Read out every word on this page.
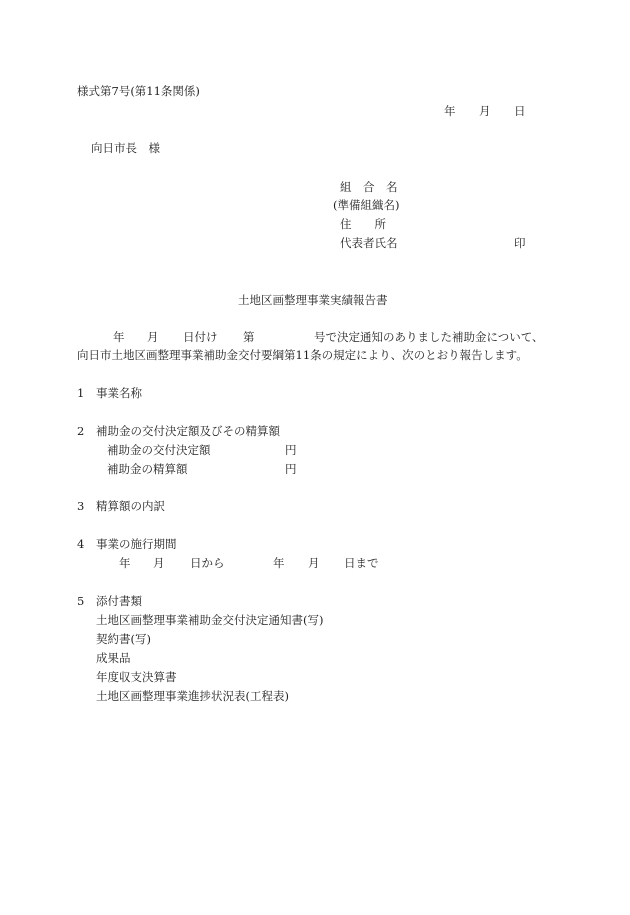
様式第7号(第11条関係)
年 月 日
向日市長　様
組　合　名
(準備組織名)
住　　所
代表者氏名	印
土地区画整理事業実績報告書
年 月 日付け 第	号で決定通知のありました補助金について、
向日市土地区画整理事業補助金交付要綱第11条の規定により、次のとおり報告します。
1 事業名称
2 補助金の交付決定額及びその精算額
補助金の交付決定額	円
補助金の精算額	円
3 精算額の内訳
4 事業の施行期間
年 月 日から	年 月 日まで
5 添付書類
土地区画整理事業補助金交付決定通知書(写)
契約書(写)
成果品
年度収支決算書
土地区画整理事業進捗状況表(工程表)
